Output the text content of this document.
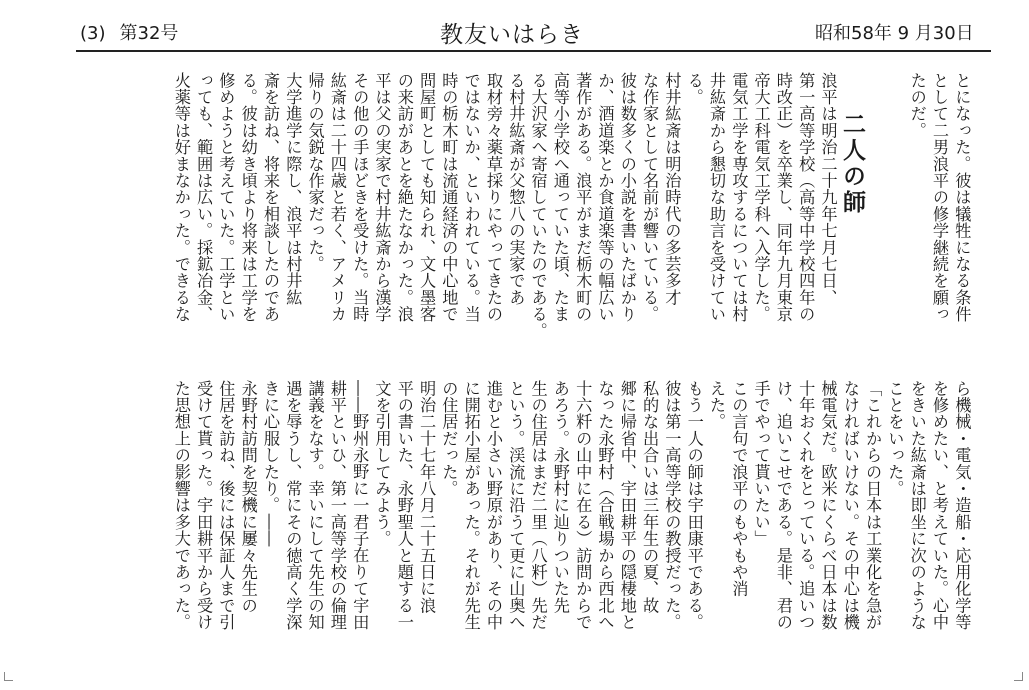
(3) 第32号	教友いはらき	昭和58年 9 月30日
二人の師	とになった。彼は犠牲になる条件
として二男浪平の修学継続を願っ
たのだ。
浪平は明治二十九年七月七日、
第一高等学校（高等中学校四年の
時改正）を卒業し、同年九月東京
帝大工科電気工学科へ入学した。
電気工学を専攻するについては村
井紘斎から懇切な助言を受けてい
る。
村井紘斎は明治時代の多芸多才
な作家として名前が響いている。
彼は数多くの小説を書いたばかり
か、酒道楽とか食道楽等の幅広い
著作がある。浪平がまだ栃木町の
高等小学校へ通っていた頃、たま
る大沢家へ寄宿していたのである。
る村井紘斎が父惣八の実家であ
取材旁々薬草採りにやってきたの
ではないか、といわれている。当
時の栃木町は流通経済の中心地で
問屋町としても知られ、文人墨客
の来訪があとを絶たなかった。浪
平は父の実家で村井紘斎から漢学
その他の手ほどきを受けた。当時
紘斎は二十四歳と若く、アメリカ
帰りの気鋭な作家だった。
大学進学に際し、浪平は村井紘
斎を訪ね、将来を相談したのであ
る。彼は幼き頃より将来は工学を
修めようと考えていた。工学とい
っても、範囲は広い。採鉱冶金、
火薬等は好まなかった。できるな
ら機械・電気・造船・応用化学等
を修めたい、と考えていた。心中
をきいた紘斎は即坐に次のような
ことをいった。
「これからの日本は工業化を急が
なければいけない。その中心は機
械電気だ。欧米にくらべ日本は数
十年おくれをとっている。追いつ
け、追いこせである。是非、君の
手でやって貰いたい」
この言句で浪平のもやもや消
えた。
もう一人の師は宇田康平である。
彼は第一高等学校の教授だった。
私的な出合いは三年生の夏、故
郷に帰省中、宇田耕平の隠棲地と
なった永野村（合戦場から西北へ
十六粁の山中に在る）訪問からで
あろう。永野村に辿りついた先
生の住居はまだ二里（八粁）先だ
という。渓流に沿うて更に山奥へ
進むと小さい野原があり、その中
に開拓小屋があった。それが先生
の住居だった。
明治二十七年八月二十五日に浪
平の書いた、永野聖人と題する一
文を引用してみよう。
――野州永野に一君子在りて宇田
耕平といひ、第一高等学校の倫理
講義をなす。幸いにして先生の知
遇を辱うし、常にその徳高く学深
きに心服したり。――
永野村訪問を契機に屢々先生の
住居を訪ね、後には保証人まで引
受けて貰った。宇田耕平から受け
た思想上の影響は多大であった。
